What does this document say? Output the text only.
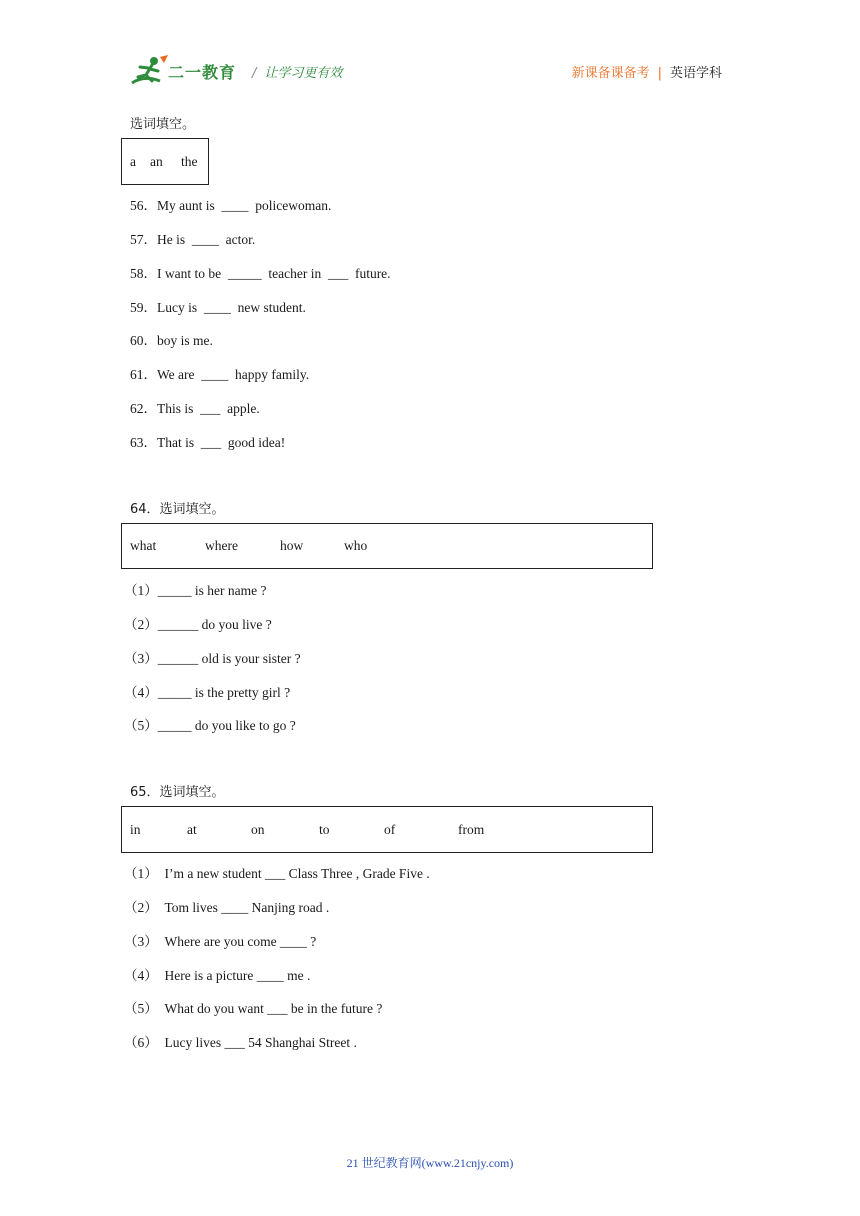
二一教育 / 让学习更有效	新课备课备考 | 英语学科
选词填空。
a an the
56．My aunt is  ____  policewoman.
57．He is  ____  actor.
58．I want to be  _____  teacher in  ___  future.
59．Lucy is  ____  new student.
60．boy is me.
61．We are  ____  happy family.
62．This is  ___  apple.
63．That is  ___  good idea!
64．选词填空。
what	where	how	who
（1）_____ is her name ?
（2）______ do you live ?
（3）______ old is your sister ?
（4）_____ is the pretty girl ?
（5）_____ do you like to go ?
65．选词填空。
in	at	on	to	of	from
（1）  I’m a new student ___ Class Three , Grade Five .
（2）  Tom lives ____ Nanjing road .
（3）  Where are you come ____ ?
（4）  Here is a picture ____ me .
（5）  What do you want ___ be in the future ?
（6）  Lucy lives ___ 54 Shanghai Street .
21 世纪教育网(www.21cnjy.com)
